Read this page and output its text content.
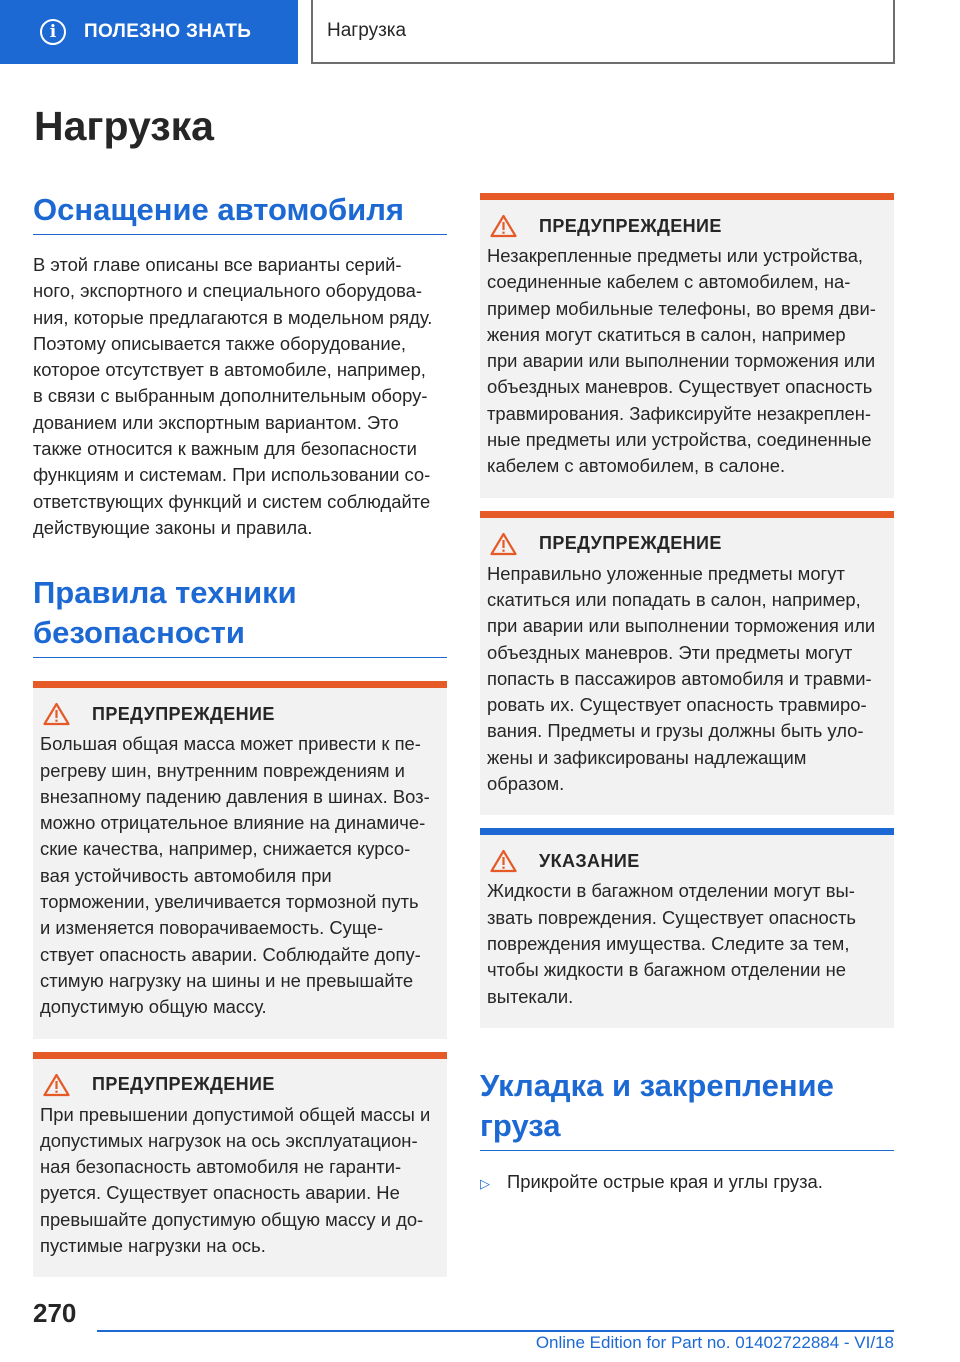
i	ПОЛЕЗНО ЗНАТЬ	Нагрузка
Нагрузка
Оснащение автомобиля
В этой главе описаны все варианты серий-
ного, экспортного и специального оборудова-
ния, которые предлагаются в модельном ряду.
Поэтому описывается также оборудование,
которое отсутствует в автомобиле, например,
в связи с выбранным дополнительным обору-
дованием или экспортным вариантом. Это
также относится к важным для безопасности
функциям и системам. При использовании со-
ответствующих функций и систем соблюдайте
действующие законы и правила.
Правила техники
безопасности
ПРЕДУПРЕЖДЕНИЕ

Большая общая масса может привести к пе-
регреву шин, внутренним повреждениям и
внезапному падению давления в шинах. Воз-
можно отрицательное влияние на динамиче-
ские качества, например, снижается курсо-
вая устойчивость автомобиля при
торможении, увеличивается тормозной путь
и изменяется поворачиваемость. Суще-
ствует опасность аварии. Соблюдайте допу-
стимую нагрузку на шины и не превышайте
допустимую общую массу.

ПРЕДУПРЕЖДЕНИЕ

При превышении допустимой общей массы и
допустимых нагрузок на ось эксплуатацион-
ная безопасность автомобиля не гаранти-
руется. Существует опасность аварии. Не
превышайте допустимую общую массу и до-
пустимые нагрузки на ось.

ПРЕДУПРЕЖДЕНИЕ

Незакрепленные предметы или устройства,
соединенные кабелем с автомобилем, на-
пример мобильные телефоны, во время дви-
жения могут скатиться в салон, например
при аварии или выполнении торможения или
объездных маневров. Существует опасность
травмирования. Зафиксируйте незакреплен-
ные предметы или устройства, соединенные
кабелем с автомобилем, в салоне.

ПРЕДУПРЕЖДЕНИЕ

Неправильно уложенные предметы могут
скатиться или попадать в салон, например,
при аварии или выполнении торможения или
объездных маневров. Эти предметы могут
попасть в пассажиров автомобиля и травми-
ровать их. Существует опасность травмиро-
вания. Предметы и грузы должны быть уло-
жены и зафиксированы надлежащим
образом.

УКАЗАНИЕ

Жидкости в багажном отделении могут вы-
звать повреждения. Существует опасность
повреждения имущества. Следите за тем,
чтобы жидкости в багажном отделении не
вытекали.

Укладка и закрепление
груза
▷ Прикройте острые края и углы груза.
270
Online Edition for Part no. 01402722884 - VI/18
